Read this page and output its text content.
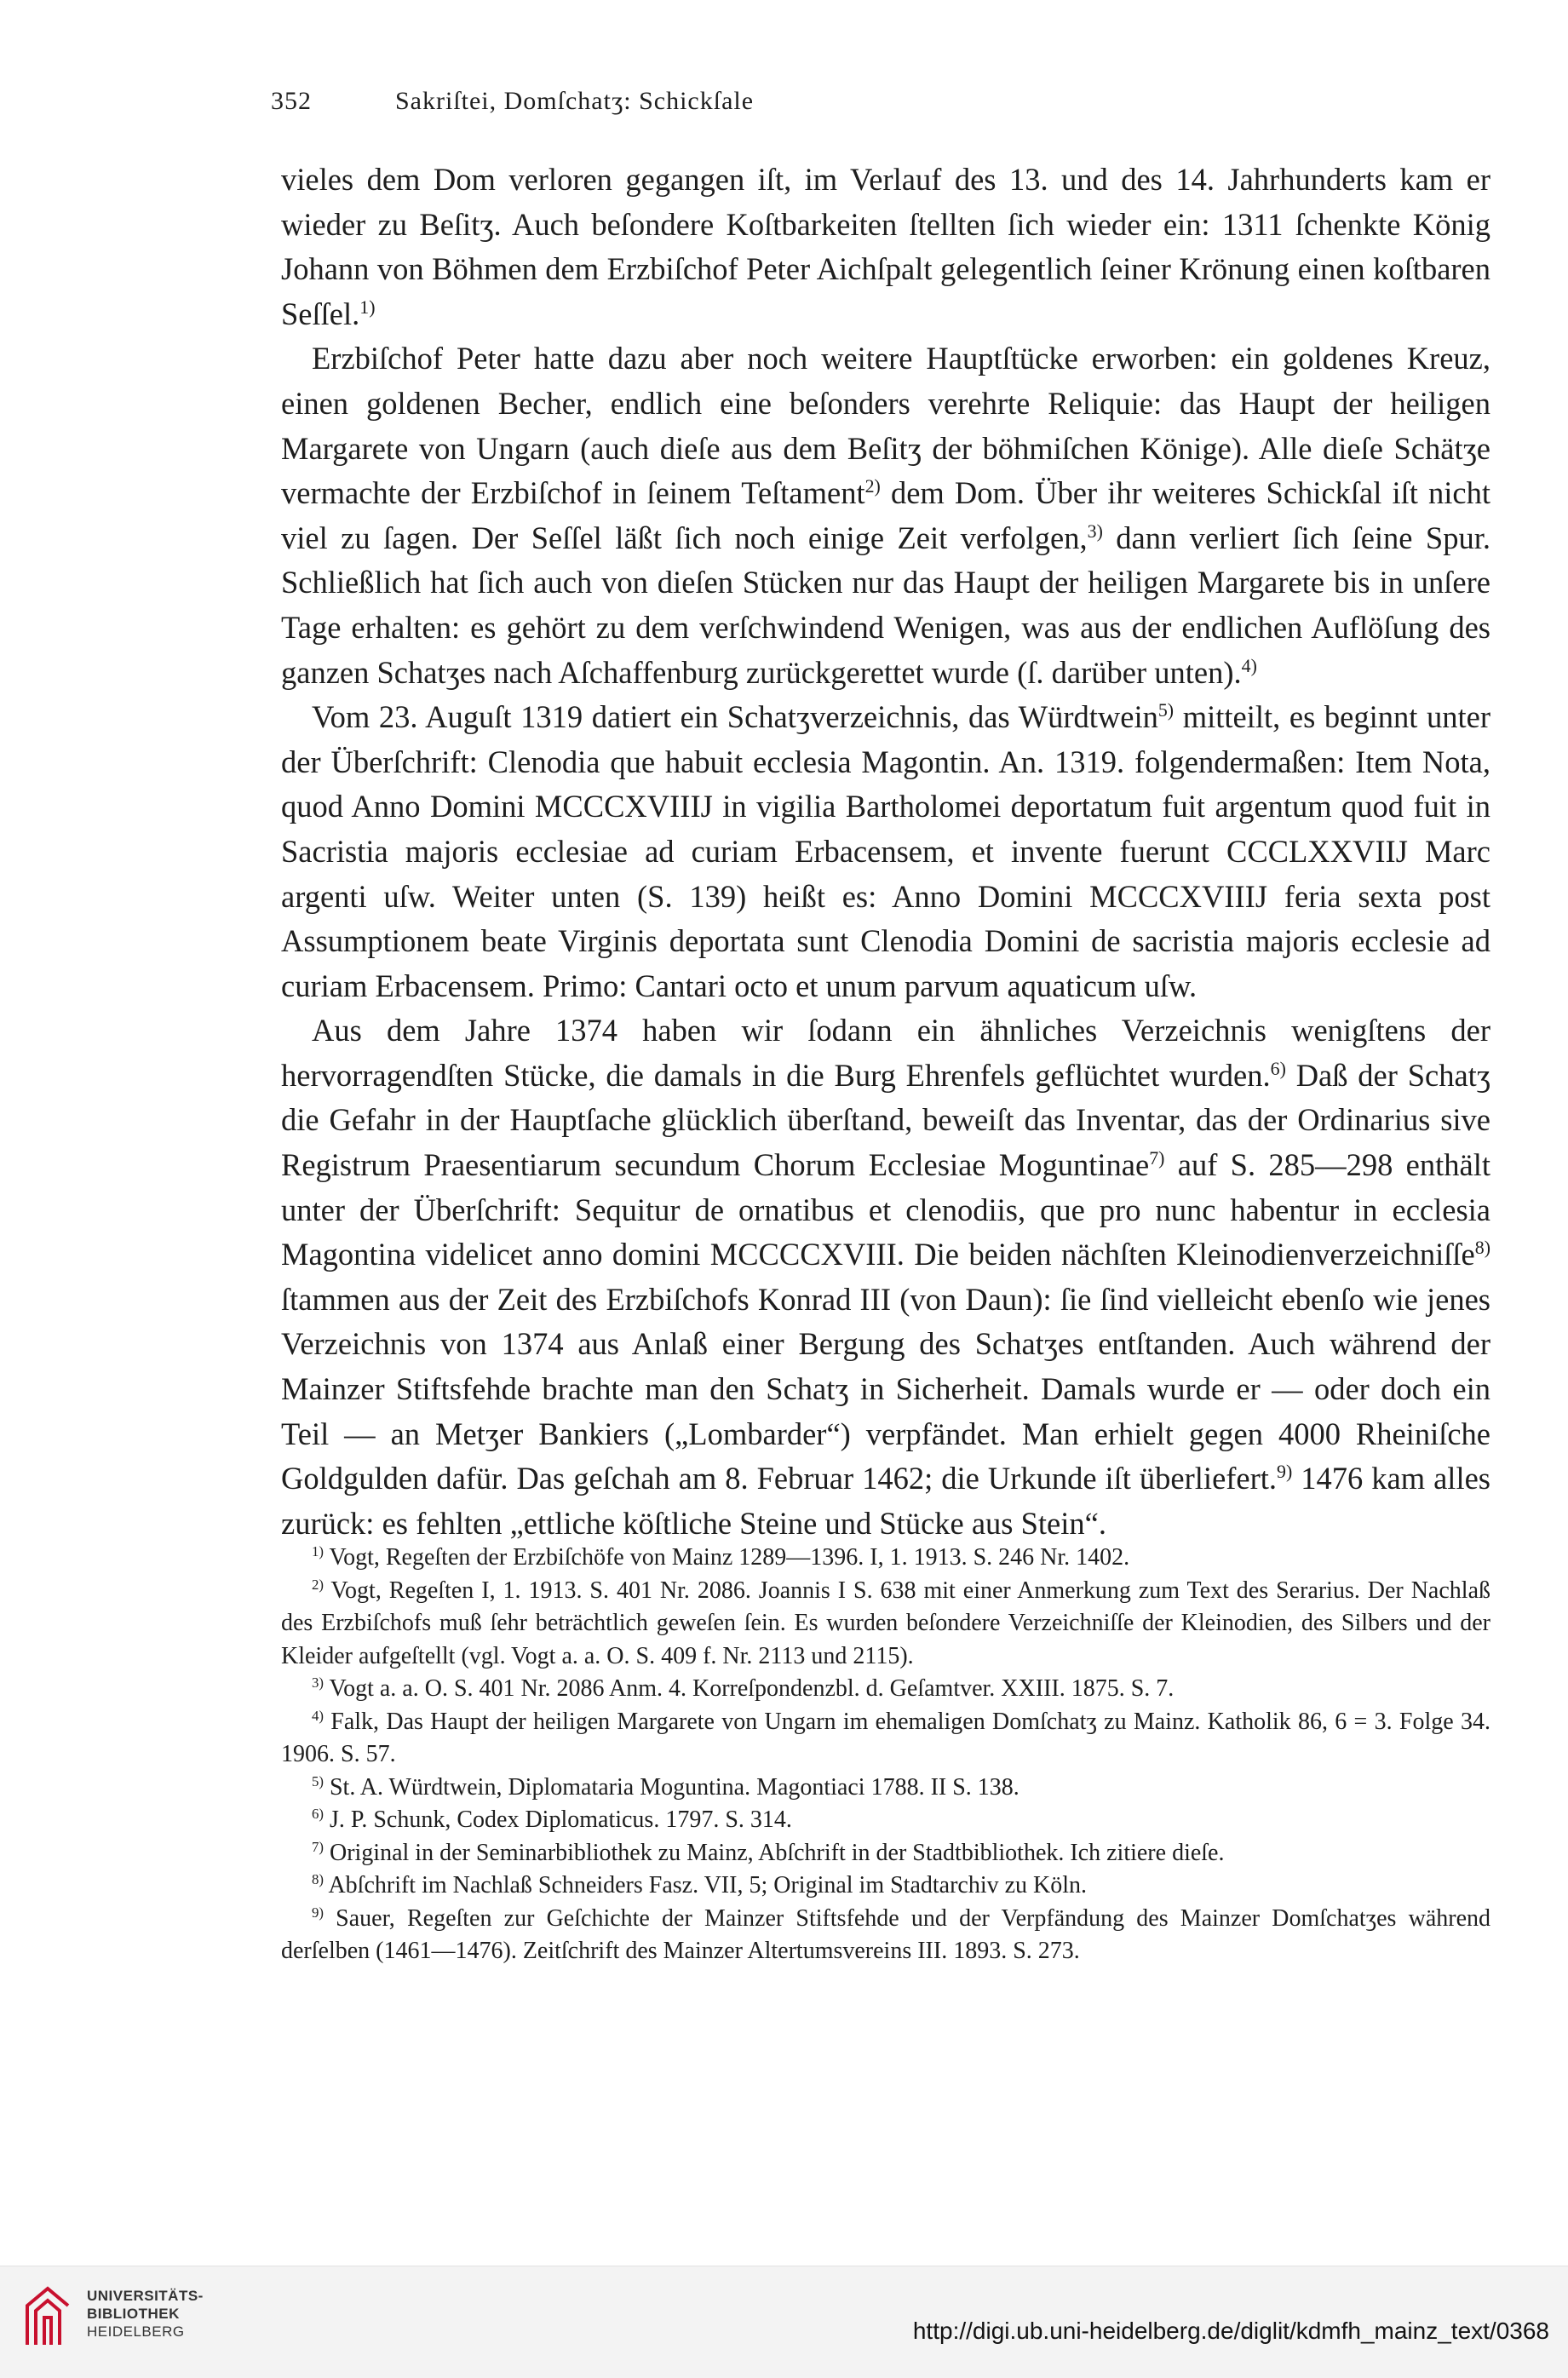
352	Sakriſtei, Domſchatʒ: Schickſale

vieles dem Dom verloren gegangen iſt, im Verlauf des 13. und des 14. Jahrhunderts kam er wieder zu Beſitʒ. Auch beſondere Koſtbarkeiten ſtellten ſich wieder ein: 1311 ſchenkte König Johann von Böhmen dem Erzbiſchof Peter Aichſpalt gelegentlich ſeiner Krönung einen koſtbaren Seſſel.$^{1)}$

Erzbiſchof Peter hatte dazu aber noch weitere Hauptſtücke erworben: ein goldenes Kreuz, einen goldenen Becher, endlich eine beſonders verehrte Reliquie: das Haupt der heiligen Margarete von Ungarn (auch dieſe aus dem Beſitʒ der böhmiſchen Könige). Alle dieſe Schätʒe vermachte der Erzbiſchof in ſeinem Teſtament$^{2)}$ dem Dom. Über ihr weiteres Schickſal iſt nicht viel zu ſagen. Der Seſſel läßt ſich noch einige Zeit verfolgen,$^{3)}$ dann verliert ſich ſeine Spur. Schließlich hat ſich auch von dieſen Stücken nur das Haupt der heiligen Margarete bis in unſere Tage erhalten: es gehört zu dem verſchwindend Wenigen, was aus der endlichen Auflöſung des ganzen Schatʒes nach Aſchaffenburg zurückgerettet wurde (ſ. darüber unten).$^{4)}$

Vom 23. Auguſt 1319 datiert ein Schatʒverzeichnis, das Würdtwein$^{5)}$ mitteilt, es beginnt unter der Überſchrift: Clenodia que habuit ecclesia Magontin. An. 1319. folgendermaßen: Item Nota, quod Anno Domini MCCCXVIIIJ in vigilia Bartholomei deportatum fuit argentum quod fuit in Sacristia majoris ecclesiae ad curiam Erbacensem, et invente fuerunt CCCLXXVIIJ Marc argenti uſw. Weiter unten (S. 139) heißt es: Anno Domini MCCCXVIIIJ feria sexta post Assumptionem beate Virginis deportata sunt Clenodia Domini de sacristia majoris ecclesie ad curiam Erbacensem. Primo: Cantari octo et unum parvum aquaticum uſw.

Aus dem Jahre 1374 haben wir ſodann ein ähnliches Verzeichnis wenigſtens der hervorragendſten Stücke, die damals in die Burg Ehrenfels geflüchtet wurden.$^{6)}$ Daß der Schatʒ die Gefahr in der Hauptſache glücklich überſtand, beweiſt das Inventar, das der Ordinarius sive Registrum Praesentiarum secundum Chorum Ecclesiae Moguntinae$^{7)}$ auf S. 285—298 enthält unter der Überſchrift: Sequitur de ornatibus et clenodiis, que pro nunc habentur in ecclesia Magontina videlicet anno domini MCCCCXVIII. Die beiden nächſten Kleinodienverzeichniſſe$^{8)}$ ſtammen aus der Zeit des Erzbiſchofs Konrad III (von Daun): ſie ſind vielleicht ebenſo wie jenes Verzeichnis von 1374 aus Anlaß einer Bergung des Schatʒes entſtanden. Auch während der Mainzer Stiftsfehde brachte man den Schatʒ in Sicherheit. Damals wurde er — oder doch ein Teil — an Metʒer Bankiers („Lombarder“) verpfändet. Man erhielt gegen 4000 Rheiniſche Goldgulden dafür. Das geſchah am 8. Februar 1462; die Urkunde iſt überliefert.$^{9)}$ 1476 kam alles zurück: es fehlten „ettliche köſtliche Steine und Stücke aus Stein“.

$^{1)}$ Vogt, Regeſten der Erzbiſchöfe von Mainz 1289—1396. I, 1. 1913. S. 246 Nr. 1402.

$^{2)}$ Vogt, Regeſten I, 1. 1913. S. 401 Nr. 2086. Joannis I S. 638 mit einer Anmerkung zum Text des Serarius. Der Nachlaß des Erzbiſchofs muß ſehr beträchtlich geweſen ſein. Es wurden beſondere Verzeichniſſe der Kleinodien, des Silbers und der Kleider aufgeſtellt (vgl. Vogt a. a. O. S. 409 f. Nr. 2113 und 2115).

$^{3)}$ Vogt a. a. O. S. 401 Nr. 2086 Anm. 4. Korreſpondenzbl. d. Geſamtver. XXIII. 1875. S. 7.

$^{4)}$ Falk, Das Haupt der heiligen Margarete von Ungarn im ehemaligen Domſchatʒ zu Mainz. Katholik 86, 6 = 3. Folge 34. 1906. S. 57.

$^{5)}$ St. A. Würdtwein, Diplomataria Moguntina. Magontiaci 1788. II S. 138.

$^{6)}$ J. P. Schunk, Codex Diplomaticus. 1797. S. 314.

$^{7)}$ Original in der Seminarbibliothek zu Mainz, Abſchrift in der Stadtbibliothek. Ich zitiere dieſe.

$^{8)}$ Abſchrift im Nachlaß Schneiders Fasz. VII, 5; Original im Stadtarchiv zu Köln.

$^{9)}$ Sauer, Regeſten zur Geſchichte der Mainzer Stiftsfehde und der Verpfändung des Mainzer Domſchatʒes während derſelben (1461—1476). Zeitſchrift des Mainzer Altertumsvereins III. 1893. S. 273.

UNIVERSITÄTS-
BIBLIOTHEK
HEIDELBERG	http://digi.ub.uni-heidelberg.de/diglit/kdmfh_mainz_text/0368
